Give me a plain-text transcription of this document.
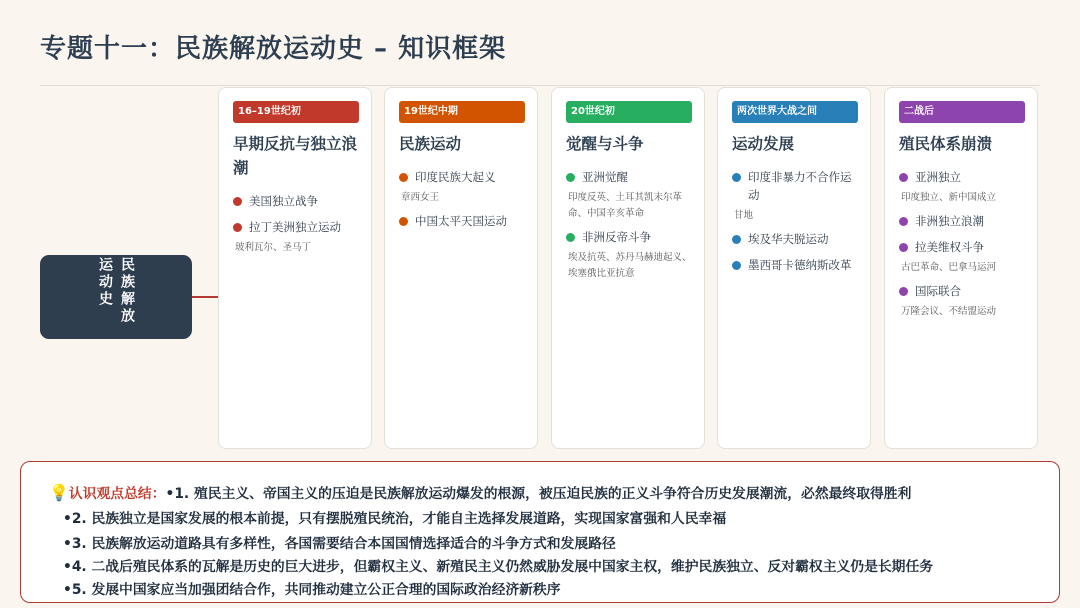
专题十一：民族解放运动史 – 知识框架
民族解放运动史
16–19世纪初
早期反抗与独立浪潮
美国独立战争
拉丁美洲独立运动
玻利瓦尔、圣马丁
19世纪中期
民族运动
印度民族大起义
章西女王
中国太平天国运动
20世纪初
觉醒与斗争
亚洲觉醒
印度反英、土耳其凯末尔革命、中国辛亥革命
非洲反帝斗争
埃及抗英、苏丹马赫迪起义、埃塞俄比亚抗意
两次世界大战之间
运动发展
印度非暴力不合作运动
甘地
埃及华夫脱运动
墨西哥卡德纳斯改革
二战后
殖民体系崩溃
亚洲独立
印度独立、新中国成立
非洲独立浪潮
拉美维权斗争
古巴革命、巴拿马运河
国际联合
万隆会议、不结盟运动
💡认识观点总结：•1. 殖民主义、帝国主义的压迫是民族解放运动爆发的根源，被压迫民族的正义斗争符合历史发展潮流，必然最终取得胜利
•2. 民族独立是国家发展的根本前提，只有摆脱殖民统治，才能自主选择发展道路，实现国家富强和人民幸福
•3. 民族解放运动道路具有多样性，各国需要结合本国国情选择适合的斗争方式和发展路径
•4. 二战后殖民体系的瓦解是历史的巨大进步，但霸权主义、新殖民主义仍然威胁发展中国家主权，维护民族独立、反对霸权主义仍是长期任务
•5. 发展中国家应当加强团结合作，共同推动建立公正合理的国际政治经济新秩序
